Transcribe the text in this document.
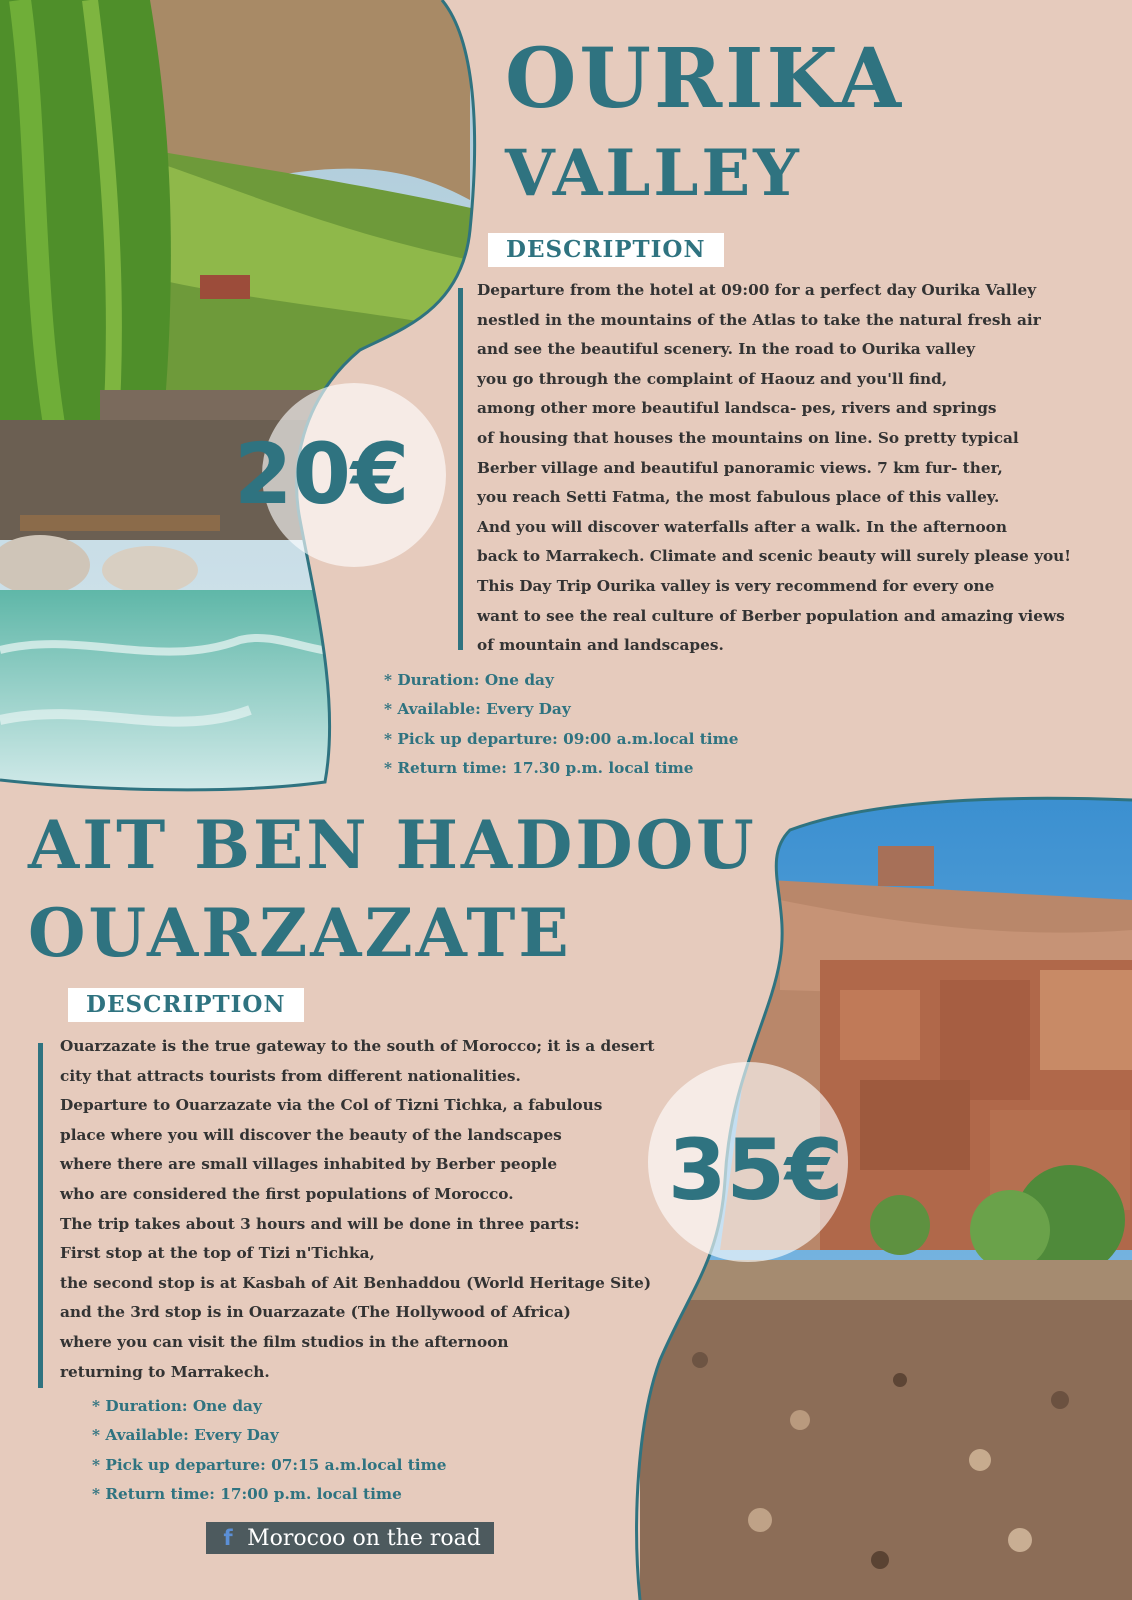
OURIKA
VALLEY
DESCRIPTION
Departure from the hotel at 09:00 for a perfect day Ourika Valley
nestled in the mountains of the Atlas to take the natural fresh air
and see the beautiful scenery. In the road to Ourika valley
you go through the complaint of Haouz and you'll find,
among other more beautiful landsca- pes, rivers and springs
of housing that houses the mountains on line. So pretty typical
Berber village and beautiful panoramic views. 7 km fur- ther,
you reach Setti Fatma, the most fabulous place of this valley.
And you will discover waterfalls after a walk. In the afternoon
back to Marrakech. Climate and scenic beauty will surely please you!
This Day Trip Ourika valley is very recommend for every one
want to see the real culture of Berber population and amazing views
of mountain and landscapes.
* Duration: One day
* Available: Every Day
* Pick up departure: 09:00 a.m.local time
* Return time: 17.30 p.m. local time
20€
AIT BEN HADDOU
OUARZAZATE
DESCRIPTION
Ouarzazate is the true gateway to the south of Morocco; it is a desert
city that attracts tourists from different nationalities.
Departure to Ouarzazate via the Col of Tizni Tichka, a fabulous
place where you will discover the beauty of the landscapes
where there are small villages inhabited by Berber people
who are considered the first populations of Morocco.
The trip takes about 3 hours and will be done in three parts:
First stop at the top of Tizi n'Tichka,
the second stop is at Kasbah of Ait Benhaddou (World Heritage Site)
and the 3rd stop is in Ouarzazate (The Hollywood of Africa)
where you can visit the film studios in the afternoon
returning to Marrakech.
* Duration: One day
* Available: Every Day
* Pick up departure: 07:15 a.m.local time
* Return time: 17:00 p.m. local time
35€
f Morocoo on the road
